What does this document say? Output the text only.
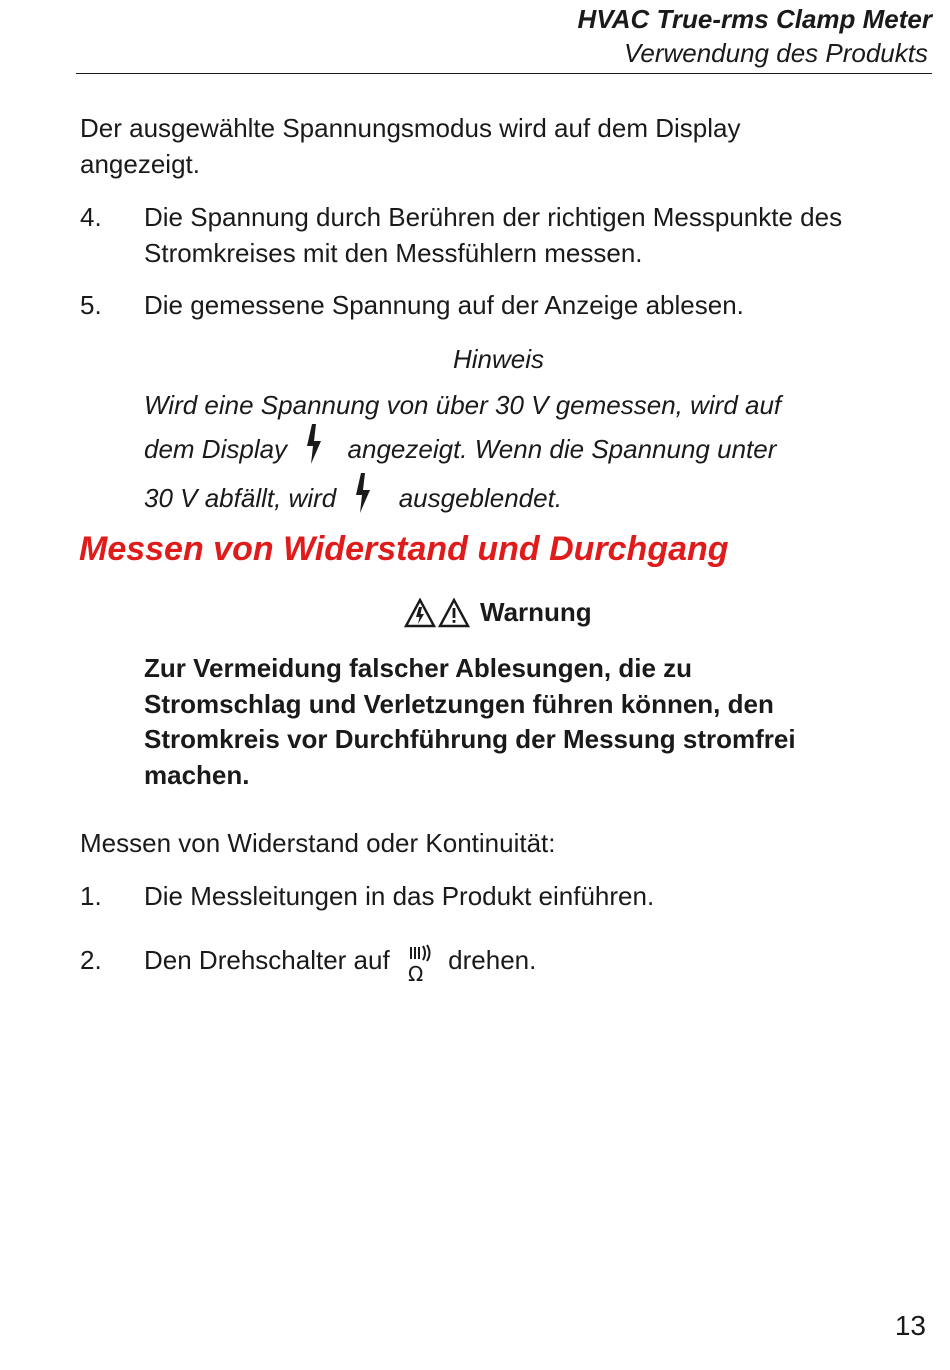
HVAC True-rms Clamp Meter
Verwendung des Produkts
Der ausgewählte Spannungsmodus wird auf dem Display
angezeigt.
4. Die Spannung durch Berühren der richtigen Messpunkte des
Stromkreises mit den Messfühlern messen.
5. Die gemessene Spannung auf der Anzeige ablesen.
Hinweis
Wird eine Spannung von über 30 V gemessen, wird auf
dem Display angezeigt. Wenn die Spannung unter
30 V abfällt, wird ausgeblendet.
Messen von Widerstand und Durchgang
Warnung
Zur Vermeidung falscher Ablesungen, die zu
Stromschlag und Verletzungen führen können, den
Stromkreis vor Durchführung der Messung stromfrei
machen.
Messen von Widerstand oder Kontinuität:
1. Die Messleitungen in das Produkt einführen.
2. Den Drehschalter auf Ω drehen.
13
